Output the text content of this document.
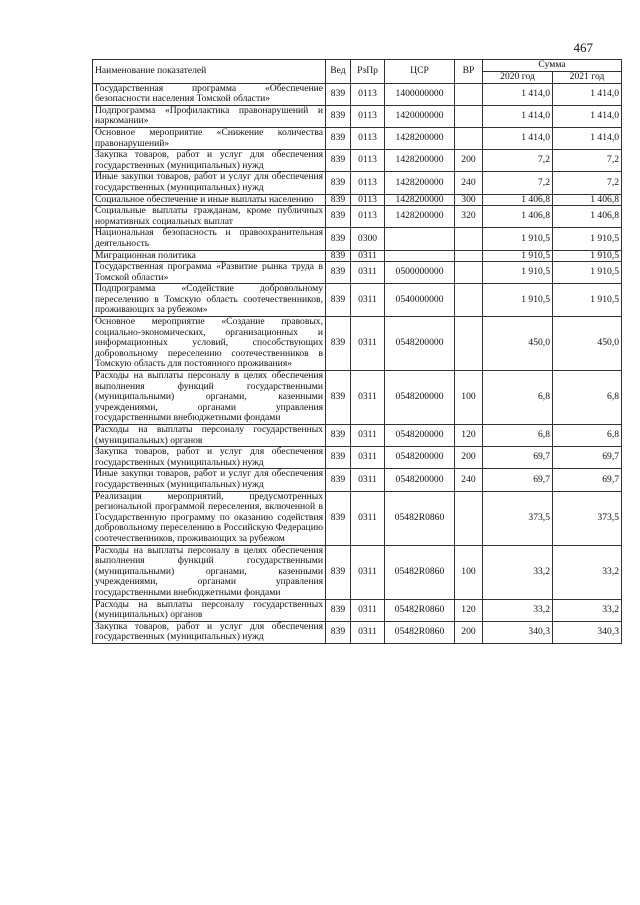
467
Наименование показателей	Вед	РзПр	ЦСР	ВР	Сумма	
					2020 год	2021 год
Государственная программа «Обеспечение безопасности населения Томской области»	839	0113	1400000000		1 414,0	1 414,0
Подпрограмма «Профилактика правонарушений и наркомании»	839	0113	1420000000		1 414,0	1 414,0
Основное мероприятие «Снижение количества правонарушений»	839	0113	1428200000		1 414,0	1 414,0
Закупка товаров, работ и услуг для обеспечения государственных (муниципальных) нужд	839	0113	1428200000	200	7,2	7,2
Иные закупки товаров, работ и услуг для обеспечения государственных (муниципальных) нужд	839	0113	1428200000	240	7,2	7,2
Социальное обеспечение и иные выплаты населению	839	0113	1428200000	300	1 406,8	1 406,8
Социальные выплаты гражданам, кроме публичных нормативных социальных выплат	839	0113	1428200000	320	1 406,8	1 406,8
Национальная безопасность и правоохранительная деятельность	839	0300			1 910,5	1 910,5
Миграционная политика	839	0311			1 910,5	1 910,5
Государственная программа «Развитие рынка труда в Томской области»	839	0311	0500000000		1 910,5	1 910,5
Подпрограмма «Содействие добровольному переселению в Томскую область соотечественников, проживающих за рубежом»	839	0311	0540000000		1 910,5	1 910,5
Основное мероприятие «Создание правовых, социально-экономических, организационных и информационных условий, способствующих добровольному переселению соотечественников в Томскую область для постоянного проживания»	839	0311	0548200000		450,0	450,0
Расходы на выплаты персоналу в целях обеспечения выполнения функций государственными (муниципальными) органами, казенными учреждениями, органами управления государственными внебюджетными фондами	839	0311	0548200000	100	6,8	6,8
Расходы на выплаты персоналу государственных (муниципальных) органов	839	0311	0548200000	120	6,8	6,8
Закупка товаров, работ и услуг для обеспечения государственных (муниципальных) нужд	839	0311	0548200000	200	69,7	69,7
Иные закупки товаров, работ и услуг для обеспечения государственных (муниципальных) нужд	839	0311	0548200000	240	69,7	69,7
Реализация мероприятий, предусмотренных региональной программой переселения, включенной в Государственную программу по оказанию содействия добровольному переселению в Российскую Федерацию соотечественников, проживающих за рубежом	839	0311	05482R0860		373,5	373,5
Расходы на выплаты персоналу в целях обеспечения выполнения функций государственными (муниципальными) органами, казенными учреждениями, органами управления государственными внебюджетными фондами	839	0311	05482R0860	100	33,2	33,2
Расходы на выплаты персоналу государственных (муниципальных) органов	839	0311	05482R0860	120	33,2	33,2
Закупка товаров, работ и услуг для обеспечения государственных (муниципальных) нужд	839	0311	05482R0860	200	340,3	340,3
